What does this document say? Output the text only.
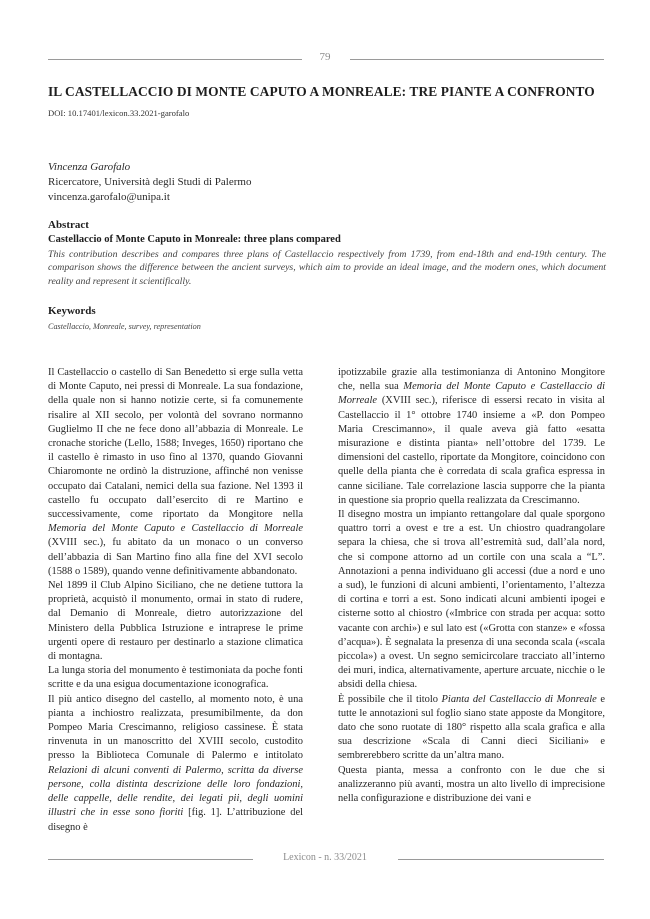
79
IL CASTELLACCIO DI MONTE CAPUTO A MONREALE: TRE PIANTE A CONFRONTO
DOI: 10.17401/lexicon.33.2021-garofalo
Vincenza Garofalo
Ricercatore, Università degli Studi di Palermo
vincenza.garofalo@unipa.it
Abstract
Castellaccio of Monte Caputo in Monreale: three plans compared
This contribution describes and compares three plans of Castellaccio respectively from 1739, from end-18th and end-19th century. The comparison shows the difference between the ancient surveys, which aim to provide an ideal image, and the modern ones, which document reality and represent it scientifically.
Keywords
Castellaccio, Monreale, survey, representation

Il Castellaccio o castello di San Benedetto si erge sulla vetta di Monte Caputo, nei pressi di Monreale. La sua fondazione, della quale non si hanno notizie certe, si fa comunemente risalire al XII secolo, per volontà del sovrano normanno Guglielmo II che ne fece dono all’abbazia di Monreale. Le cronache storiche (Lello, 1588; Inveges, 1650) riportano che il castello è rimasto in uso fino al 1370, quando Giovanni Chiaromonte ne ordinò la distruzione, affinché non venisse occupato dai Catalani, nemici della sua fazione. Nel 1393 il castello fu occupato dall’esercito di re Martino e successivamente, come riportato da Mongitore nella Memoria del Monte Caputo e Castellaccio di Morreale (XVIII sec.), fu abitato da un monaco o un converso dell’abbazia di San Martino fino alla fine del XVI secolo (1588 o 1589), quando venne definitivamente abbandonato.

Nel 1899 il Club Alpino Siciliano, che ne detiene tuttora la proprietà, acquistò il monumento, ormai in stato di rudere, dal Demanio di Monreale, dietro autorizzazione del Ministero della Pubblica Istruzione e intraprese le prime urgenti opere di restauro per destinarlo a stazione climatica di montagna.

La lunga storia del monumento è testimoniata da poche fonti scritte e da una esigua documentazione iconografica.

Il più antico disegno del castello, al momento noto, è una pianta a inchiostro realizzata, presumibilmente, da don Pompeo Maria Crescimanno, religioso cassinese. È stata rinvenuta in un manoscritto del XVIII secolo, custodito presso la Biblioteca Comunale di Palermo e intitolato Relazioni di alcuni conventi di Palermo, scritta da diverse persone, colla distinta descrizione delle loro fondazioni, delle cappelle, delle rendite, dei legati pii, degli uomini illustri che in esse sono fioriti [fig. 1]. L’attribuzione del disegno è

ipotizzabile grazie alla testimonianza di Antonino Mongitore che, nella sua Memoria del Monte Caputo e Castellaccio di Morreale (XVIII sec.), riferisce di essersi recato in visita al Castellaccio il 1° ottobre 1740 insieme a «P. don Pompeo Maria Crescimanno», il quale aveva già fatto «esatta misurazione e distinta pianta» nell’ottobre del 1739. Le dimensioni del castello, riportate da Mongitore, coincidono con quelle della pianta che è corredata di scala grafica espressa in canne siciliane. Tale correlazione lascia supporre che la pianta in questione sia proprio quella realizzata da Crescimanno.

Il disegno mostra un impianto rettangolare dal quale sporgono quattro torri a ovest e tre a est. Un chiostro quadrangolare separa la chiesa, che si trova all’estremità sud, dall’ala nord, che si compone attorno ad un cortile con una scala a “L”. Annotazioni a penna individuano gli accessi (due a nord e uno a sud), le funzioni di alcuni ambienti, l’orientamento, l’altezza di cortina e torri a est. Sono indicati alcuni ambienti ipogei e cisterne sotto al chiostro («Imbrice con strada per acqua: sotto vacante con archi») e sul lato est («Grotta con stanze» e «fossa d’acqua»). È segnalata la presenza di una seconda scala («scala piccola») a ovest. Un segno semicircolare tracciato all’interno dei muri, indica, alternativamente, aperture arcuate, nicchie o le absidi della chiesa.

È possibile che il titolo Pianta del Castellaccio di Monreale e tutte le annotazioni sul foglio siano state apposte da Mongitore, dato che sono ruotate di 180° rispetto alla scala grafica e alla sua descrizione «Scala di Canni dieci Siciliani» e sembrerebbero scritte da un’altra mano.

Questa pianta, messa a confronto con le due che si analizzeranno più avanti, mostra un alto livello di imprecisione nella configurazione e distribuzione dei vani e

Lexicon - n. 33/2021
